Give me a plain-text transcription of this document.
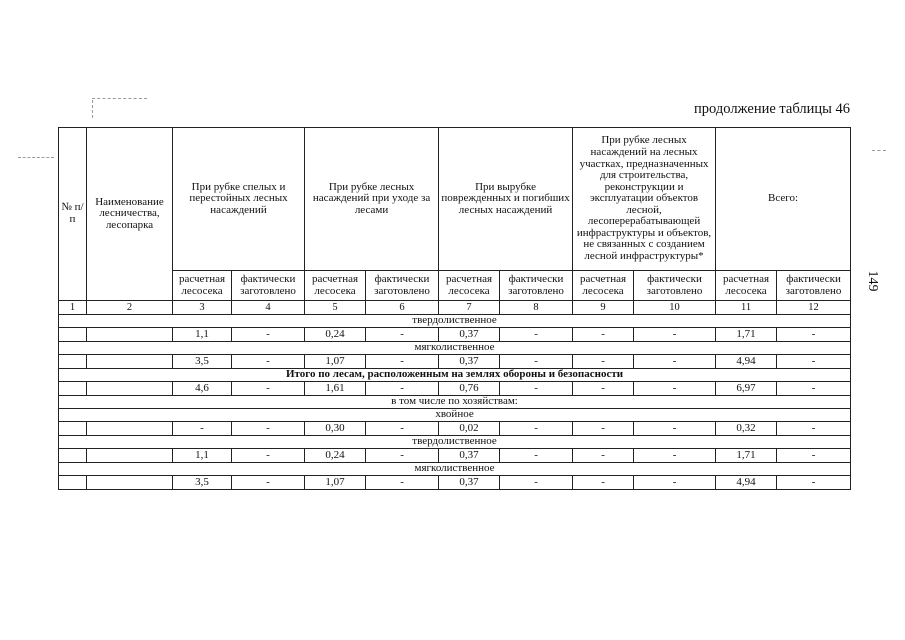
продолжение таблицы 46
149
№ п/п	Наименование лесничества, лесопарка	При рубке спелых и перестойных лесных насаждений		При рубке лесных насаждений при уходе за лесами		При вырубке поврежденных и погибших лесных насаждений		При рубке лесных насаждений на лесных участках, предназначенных для строительства, реконструкции и эксплуатации объектов лесной, лесоперерабатывающей инфраструктуры и объектов, не связанных с созданием лесной инфраструктуры*		Всего:	
		расчетная лесосека	фактически заготовлено	расчетная лесосека	фактически заготовлено	расчетная лесосека	фактически заготовлено	расчетная лесосека	фактически заготовлено	расчетная лесосека	фактически заготовлено
1	2	3	4	5	6	7	8	9	10	11	12
твердолиственное											
		1,1	-	0,24	-	0,37	-	-	-	1,71	-
мягколиственное											
		3,5	-	1,07	-	0,37	-	-	-	4,94	-
Итого по лесам, расположенным на землях обороны и безопасности											
		4,6	-	1,61	-	0,76	-	-	-	6,97	-
в том числе по хозяйствам:											
хвойное											
		-	-	0,30	-	0,02	-	-	-	0,32	-
твердолиственное											
		1,1	-	0,24	-	0,37	-	-	-	1,71	-
мягколиственное											
		3,5	-	1,07	-	0,37	-	-	-	4,94	-
